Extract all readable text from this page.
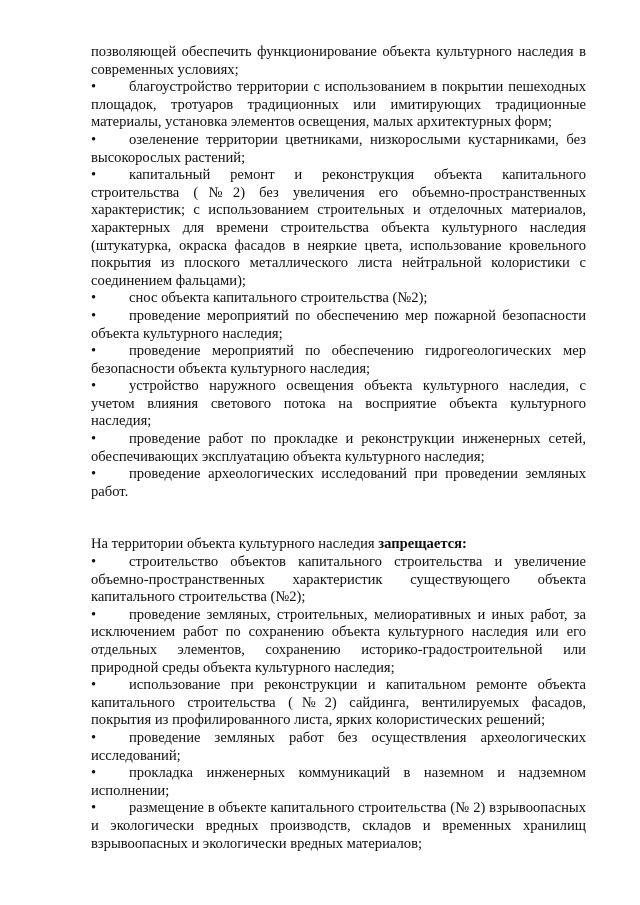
позволяющей обеспечить функционирование объекта культурного наследия в современных условиях;

• благоустройство территории с использованием в покрытии пешеходных площадок, тротуаров традиционных или имитирующих традиционные материалы, установка элементов освещения, малых архитектурных форм;

• озеленение территории цветниками, низкорослыми кустарниками, без высокорослых растений;

• капитальный ремонт и реконструкция объекта капитального строительства (№2) без увеличения его объемно-пространственных характеристик; с использованием строительных и отделочных материалов, характерных для времени строительства объекта культурного наследия (штукатурка, окраска фасадов в неяркие цвета, использование кровельного покрытия из плоского металлического листа нейтральной колористики с соединением фальцами);

• снос объекта капитального строительства (№2);

• проведение мероприятий по обеспечению мер пожарной безопасности объекта культурного наследия;

• проведение мероприятий по обеспечению гидрогеологических мер безопасности объекта культурного наследия;

• устройство наружного освещения объекта культурного наследия, с учетом влияния светового потока на восприятие объекта культурного наследия;

• проведение работ по прокладке и реконструкции инженерных сетей, обеспечивающих эксплуатацию объекта культурного наследия;

• проведение археологических исследований при проведении земляных работ.

На территории объекта культурного наследия запрещается:

• строительство объектов капитального строительства и увеличение объемно-пространственных характеристик существующего объекта капитального строительства (№2);

• проведение земляных, строительных, мелиоративных и иных работ, за исключением работ по сохранению объекта культурного наследия или его отдельных элементов, сохранению историко-градостроительной или природной среды объекта культурного наследия;

• использование при реконструкции и капитальном ремонте объекта капитального строительства (№2) сайдинга, вентилируемых фасадов, покрытия из профилированного листа, ярких колористических решений;

• проведение земляных работ без осуществления археологических исследований;

• прокладка инженерных коммуникаций в наземном и надземном исполнении;

• размещение в объекте капитального строительства (№ 2) взрывоопасных и экологически вредных производств, складов и временных хранилищ взрывоопасных и экологически вредных материалов;
